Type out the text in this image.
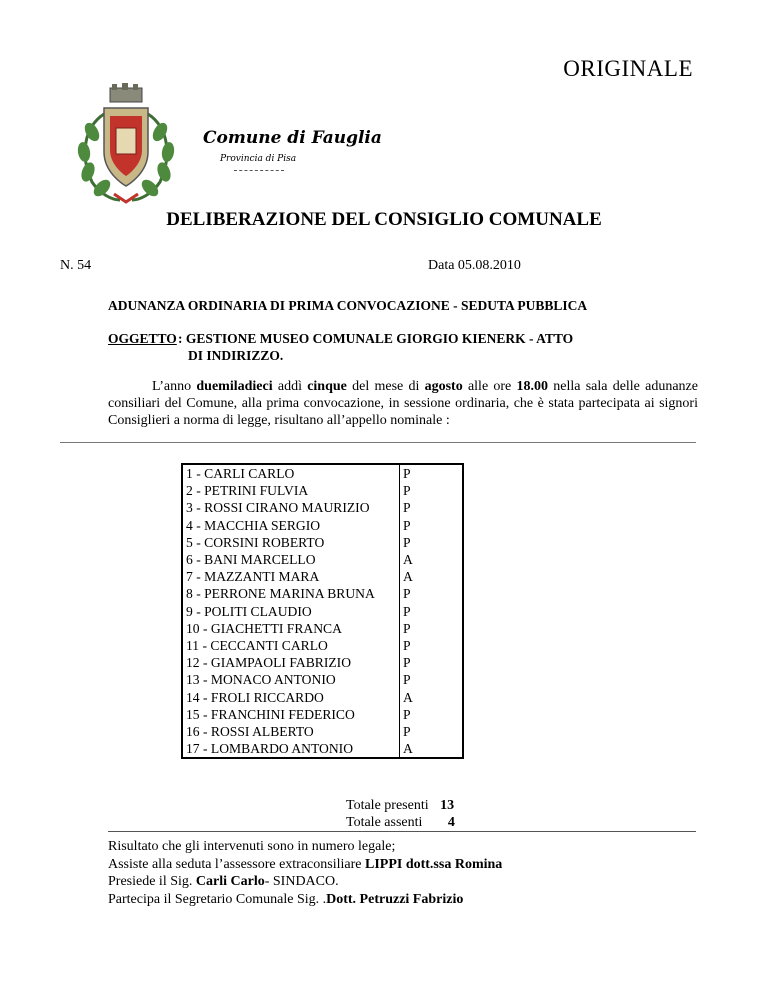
ORIGINALE
Comune di Fauglia
Provincia di Pisa
DELIBERAZIONE DEL CONSIGLIO COMUNALE
N. 54	Data 05.08.2010
ADUNANZA ORDINARIA DI PRIMA CONVOCAZIONE - SEDUTA PUBBLICA
OGGETTO : GESTIONE MUSEO COMUNALE GIORGIO KIENERK - ATTO
DI INDIRIZZO.

L’anno duemiladieci addì cinque del mese di agosto alle ore 18.00 nella sala delle adunanze consiliari del Comune, alla prima convocazione, in sessione ordinaria, che è stata partecipata ai signori Consiglieri a norma di legge, risultano all’appello nominale :

1 - CARLI CARLO	P
2 - PETRINI FULVIA	P
3 - ROSSI CIRANO MAURIZIO	P
4 - MACCHIA SERGIO	P
5 - CORSINI ROBERTO	P
6 - BANI MARCELLO	A
7 - MAZZANTI MARA	A
8 - PERRONE MARINA BRUNA	P
9 - POLITI CLAUDIO	P
10 - GIACHETTI FRANCA	P
11 - CECCANTI CARLO	P
12 - GIAMPAOLI FABRIZIO	P
13 - MONACO ANTONIO	P
14 - FROLI RICCARDO	A
15 - FRANCHINI FEDERICO	P
16 - ROSSI ALBERTO	P
17 - LOMBARDO ANTONIO	A
Totale presenti 13
Totale assenti 4
Risultato che gli intervenuti sono in numero legale;
Assiste alla seduta l’assessore extraconsiliare LIPPI dott.ssa Romina
Presiede il Sig. Carli Carlo- SINDACO.
Partecipa il Segretario Comunale Sig. .Dott. Petruzzi Fabrizio
